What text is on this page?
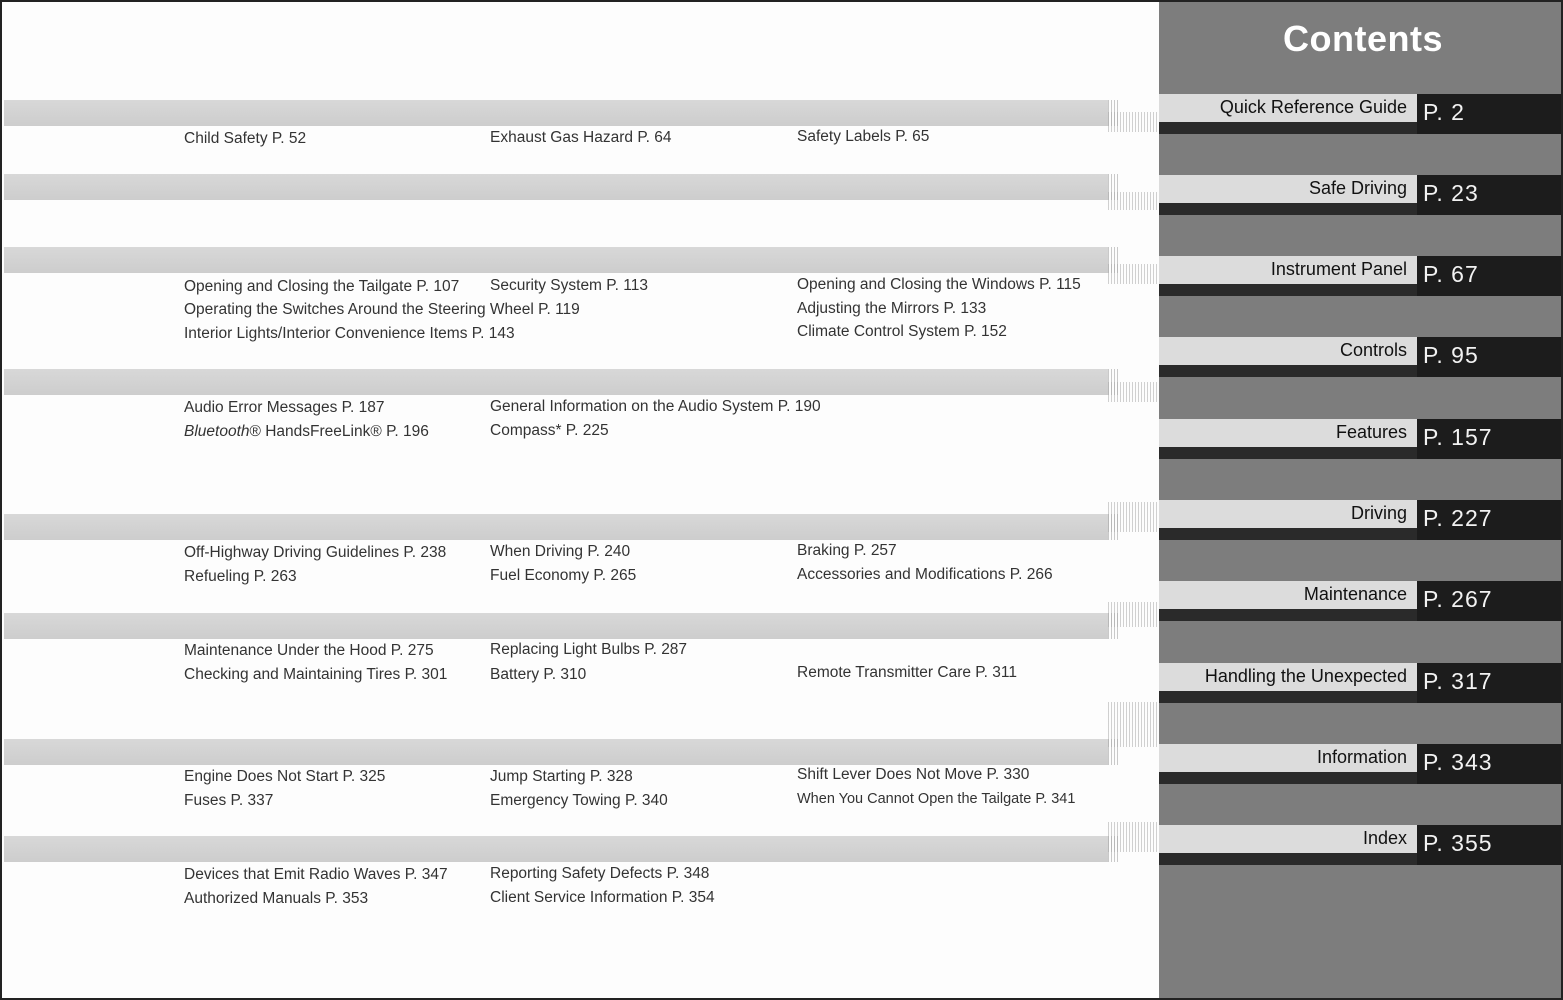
Child Safety P. 52	Exhaust Gas Hazard P. 64	Safety Labels P. 65
Opening and Closing the Tailgate P. 107 Security System P. 113	Opening and Closing the Windows P. 115
Operating the Switches Around the Steering Wheel P. 119	Adjusting the Mirrors P. 133
Interior Lights/Interior Convenience Items P. 143	Climate Control System P. 152
Audio Error Messages P. 187	General Information on the Audio System P. 190
Bluetooth® HandsFreeLink® P. 196	Compass* P. 225
Off-Highway Driving Guidelines P. 238	When Driving P. 240	Braking P. 257
Refueling P. 263	Fuel Economy P. 265	Accessories and Modifications P. 266
Maintenance Under the Hood P. 275	Replacing Light Bulbs P. 287
Checking and Maintaining Tires P. 301	Battery P. 310	Remote Transmitter Care P. 311
Engine Does Not Start P. 325	Jump Starting P. 328	Shift Lever Does Not Move P. 330
Fuses P. 337	Emergency Towing P. 340	When You Cannot Open the Tailgate P. 341
Devices that Emit Radio Waves P. 347	Reporting Safety Defects P. 348
Authorized Manuals P. 353	Client Service Information P. 354
Contents
Quick Reference Guide P. 2
Safe Driving P. 23
Instrument Panel P. 67
Controls P. 95
Features P. 157
Driving P. 227
Maintenance P. 267
Handling the Unexpected P. 317
Information P. 343
Index P. 355
